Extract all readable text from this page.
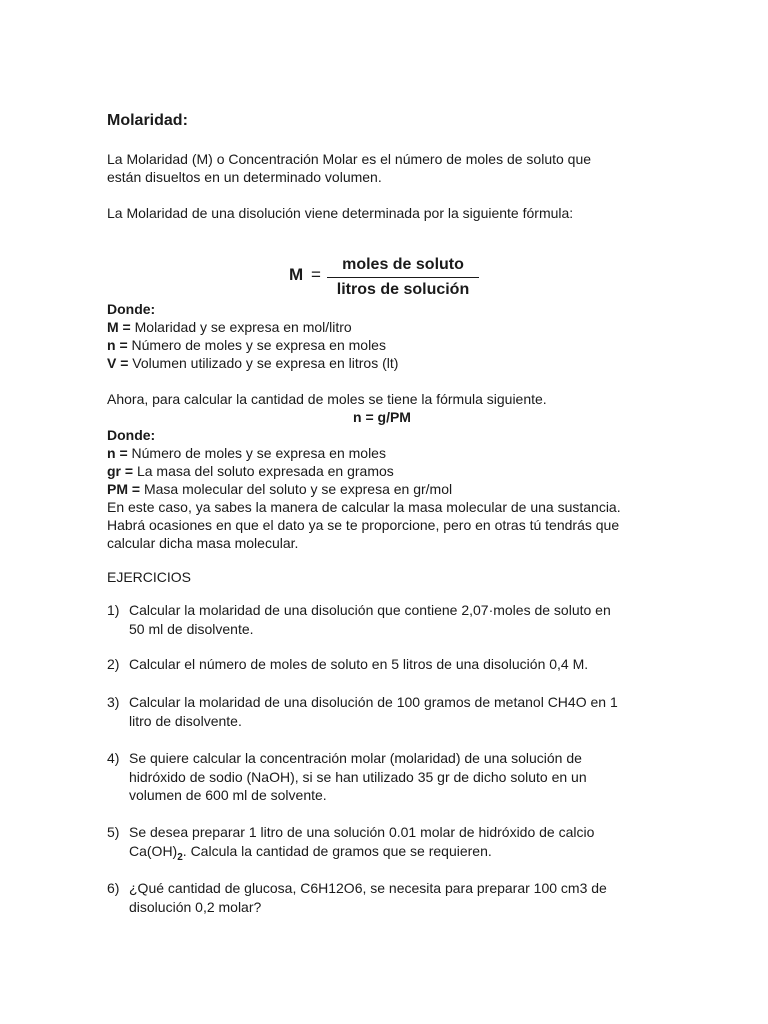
Molaridad:

La Molaridad (M) o Concentración Molar es el número de moles de soluto que
están disueltos en un determinado volumen.

La Molaridad de una disolución viene determinada por la siguiente fórmula:

M =
moles de soluto
litros de solución

Donde:
M = Molaridad y se expresa en mol/litro
n = Número de moles y se expresa en moles
V = Volumen utilizado y se expresa en litros (lt)

Ahora, para calcular la cantidad de moles se tiene la fórmula siguiente.

n = g/PM

Donde:
n = Número de moles y se expresa en moles
gr = La masa del soluto expresada en gramos
PM = Masa molecular del soluto y se expresa en gr/mol
En este caso, ya sabes la manera de calcular la masa molecular de una sustancia.
Habrá ocasiones en que el dato ya se te proporcione, pero en otras tú tendrás que
calcular dicha masa molecular.

EJERCICIOS

1) Calcular la molaridad de una disolución que contiene 2,07·moles de soluto en
50 ml de disolvente.
2) Calcular el número de moles de soluto en 5 litros de una disolución 0,4 M.
3) Calcular la molaridad de una disolución de 100 gramos de metanol CH4O en 1
litro de disolvente.
4) Se quiere calcular la concentración molar (molaridad) de una solución de
hidróxido de sodio (NaOH), si se han utilizado 35 gr de dicho soluto en un
volumen de 600 ml de solvente.
5) Se desea preparar 1 litro de una solución 0.01 molar de hidróxido de calcio
$Ca(OH)_2$. Calcula la cantidad de gramos que se requieren.
6) ¿Qué cantidad de glucosa, C6H12O6, se necesita para preparar 100 cm3 de
disolución 0,2 molar?
